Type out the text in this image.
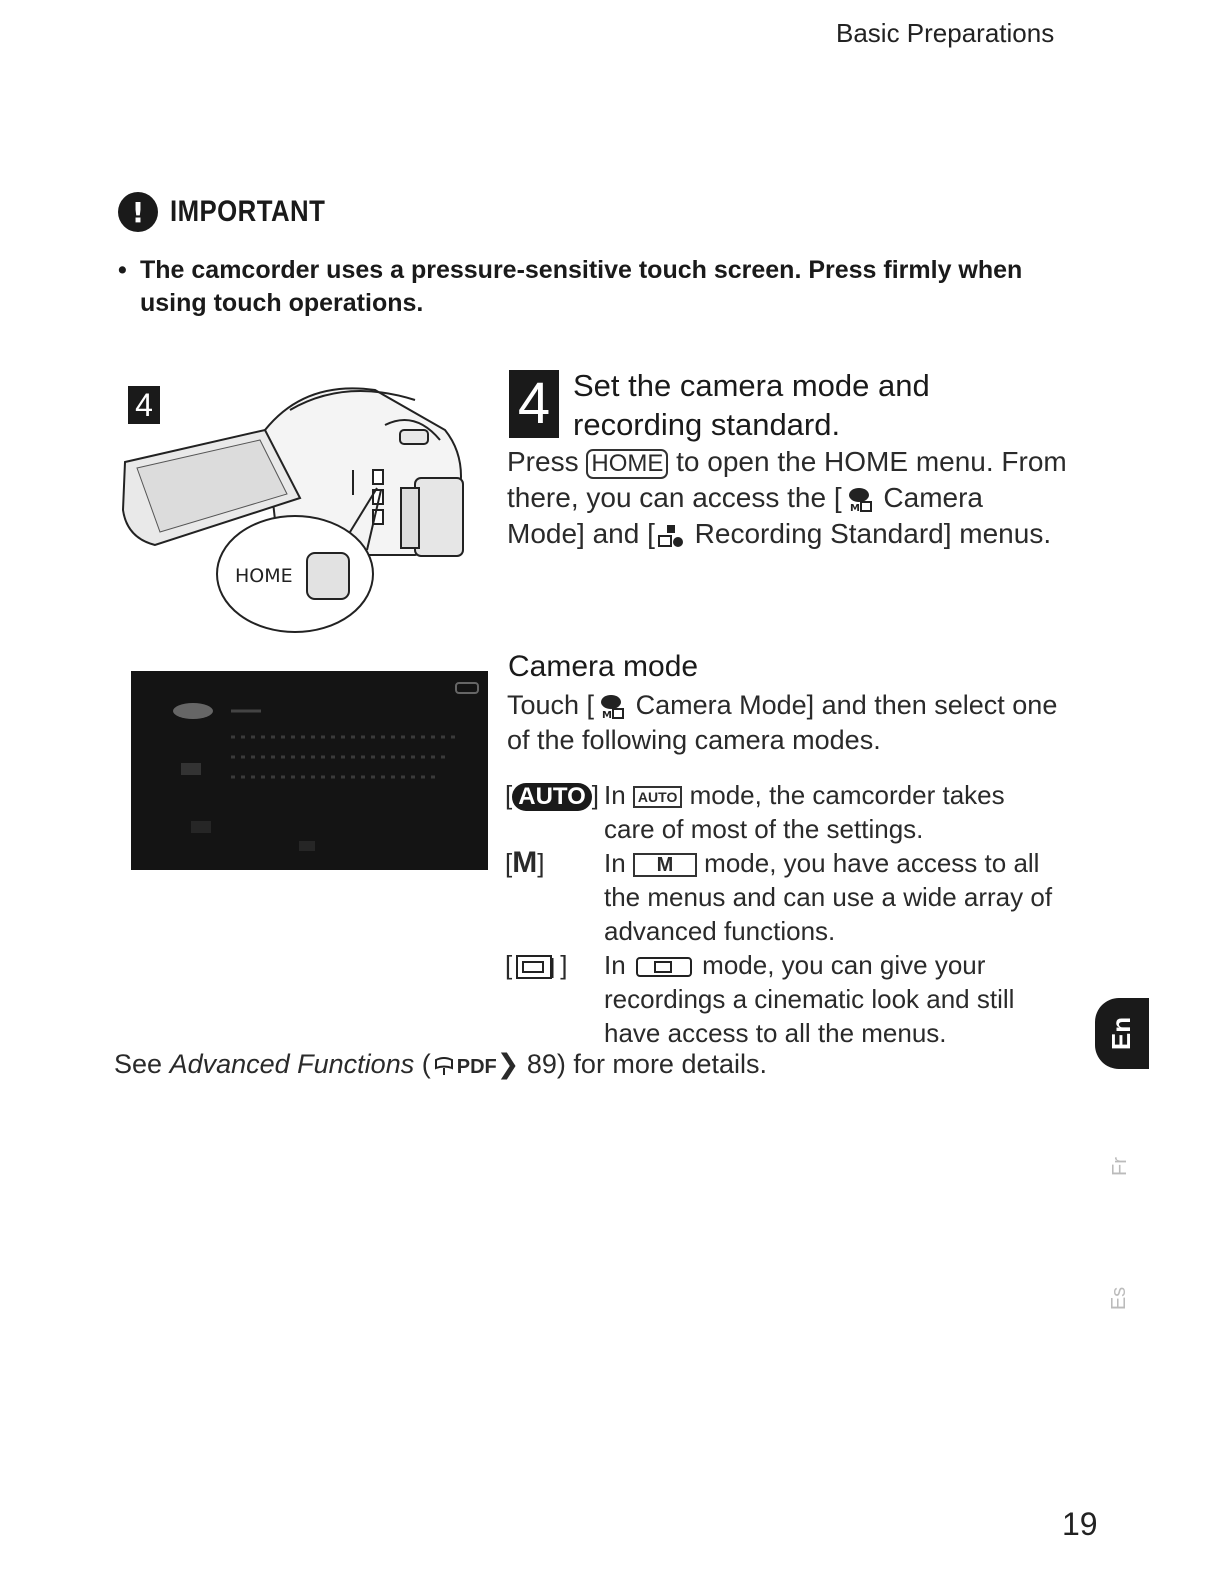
Basic Preparations
! IMPORTANT
• The camcorder uses a pressure-sensitive touch screen. Press firmly when using touch operations.
HOME
4	4 Set the camera mode and recording standard.
Press HOME to open the HOME menu. From there, you can access the [ M Camera Mode] and [ Recording Standard] menus.
Camera mode
Touch [ M Camera Mode] and then select one of the following camera modes.
[ AUTO ] In AUTO mode, the camcorder takes care of most of the settings.
[M] In M mode, you have access to all the menus and can use a wide array of advanced functions.
[ ] In	mode, you can give your recordings a cinematic look and still have access to all the menus.
See Advanced Functions ( PDF❯ 89) for more details.
En
Fr
Es
19
